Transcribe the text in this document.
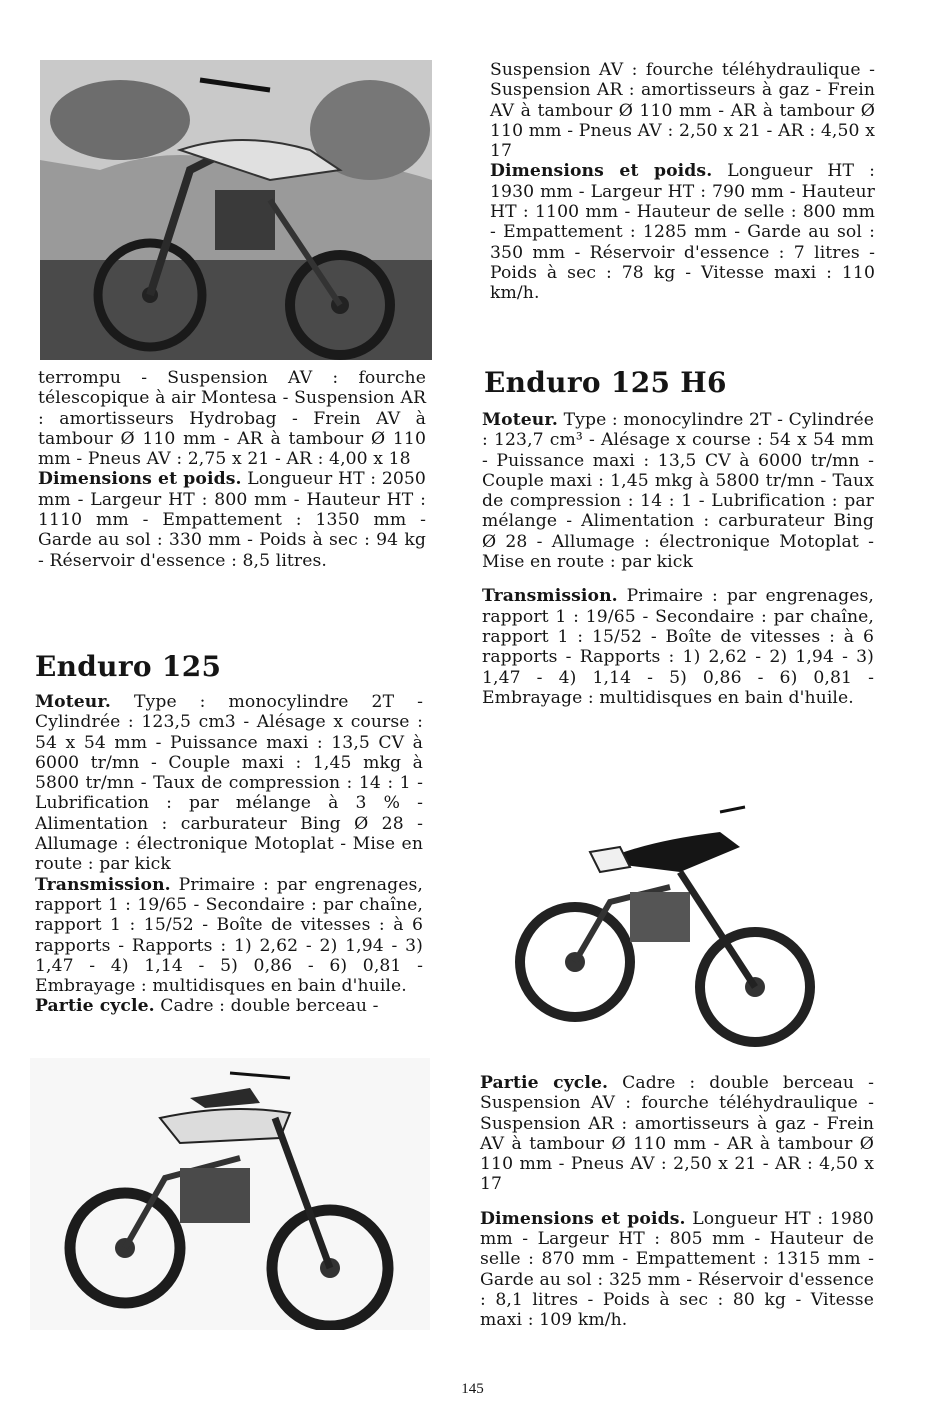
terrompu - Suspension AV : fourche télescopique à air Montesa - Suspension AR : amortisseurs Hydrobag - Frein AV à tambour Ø 110 mm - AR à tambour Ø 110 mm - Pneus AV : 2,75 x 21 - AR : 4,00 x 18

Dimensions et poids. Longueur HT : 2050 mm - Largeur HT : 800 mm - Hauteur HT : 1110 mm - Empattement : 1350 mm - Garde au sol : 330 mm - Poids à sec : 94 kg - Réservoir d'essence : 8,5 litres.

Enduro 125

Moteur. Type : monocylindre 2T - Cylindrée : 123,5 cm3 - Alésage x course : 54 x 54 mm - Puissance maxi : 13,5 CV à 6000 tr/mn - Couple maxi : 1,45 mkg à 5800 tr/mn - Taux de compression : 14 : 1 - Lubrification : par mélange à 3 % - Alimentation : carburateur Bing Ø 28 - Allumage : électronique Motoplat - Mise en route : par kick

Transmission. Primaire : par engrenages, rapport 1 : 19/65 - Secondaire : par chaîne, rapport 1 : 15/52 - Boîte de vitesses : à 6 rapports - Rapports : 1) 2,62 - 2) 1,94 - 3) 1,47 - 4) 1,14 - 5) 0,86 - 6) 0,81 - Embrayage : multidisques en bain d'huile.

Partie cycle. Cadre : double berceau -

Suspension AV : fourche téléhydraulique - Suspension AR : amortisseurs à gaz - Frein AV à tambour Ø 110 mm - AR à tambour Ø 110 mm - Pneus AV : 2,50 x 21 - AR : 4,50 x 17

Dimensions et poids. Longueur HT : 1930 mm - Largeur HT : 790 mm - Hauteur HT : 1100 mm - Hauteur de selle : 800 mm - Empattement : 1285 mm - Garde au sol : 350 mm - Réservoir d'essence : 7 litres - Poids à sec : 78 kg - Vitesse maxi : 110 km/h.

Enduro 125 H6

Moteur. Type : monocylindre 2T - Cylindrée : 123,7 cm³ - Alésage x course : 54 x 54 mm - Puissance maxi : 13,5 CV à 6000 tr/mn - Couple maxi : 1,45 mkg à 5800 tr/mn - Taux de compression : 14 : 1 - Lubrification : par mélange - Alimentation : carburateur Bing Ø 28 - Allumage : électronique Motoplat - Mise en route : par kick

Transmission. Primaire : par engrenages, rapport 1 : 19/65 - Secondaire : par chaîne, rapport 1 : 15/52 - Boîte de vitesses : à 6 rapports - Rapports : 1) 2,62 - 2) 1,94 - 3) 1,47 - 4) 1,14 - 5) 0,86 - 6) 0,81 - Embrayage : multidisques en bain d'huile.

Partie cycle. Cadre : double berceau - Suspension AV : fourche téléhydraulique - Suspension AR : amortisseurs à gaz - Frein AV à tambour Ø 110 mm - AR à tambour Ø 110 mm - Pneus AV : 2,50 x 21 - AR : 4,50 x 17

Dimensions et poids. Longueur HT : 1980 mm - Largeur HT : 805 mm - Hauteur de selle : 870 mm - Empattement : 1315 mm - Garde au sol : 325 mm - Réservoir d'essence : 8,1 litres - Poids à sec : 80 kg - Vitesse maxi : 109 km/h.

145
